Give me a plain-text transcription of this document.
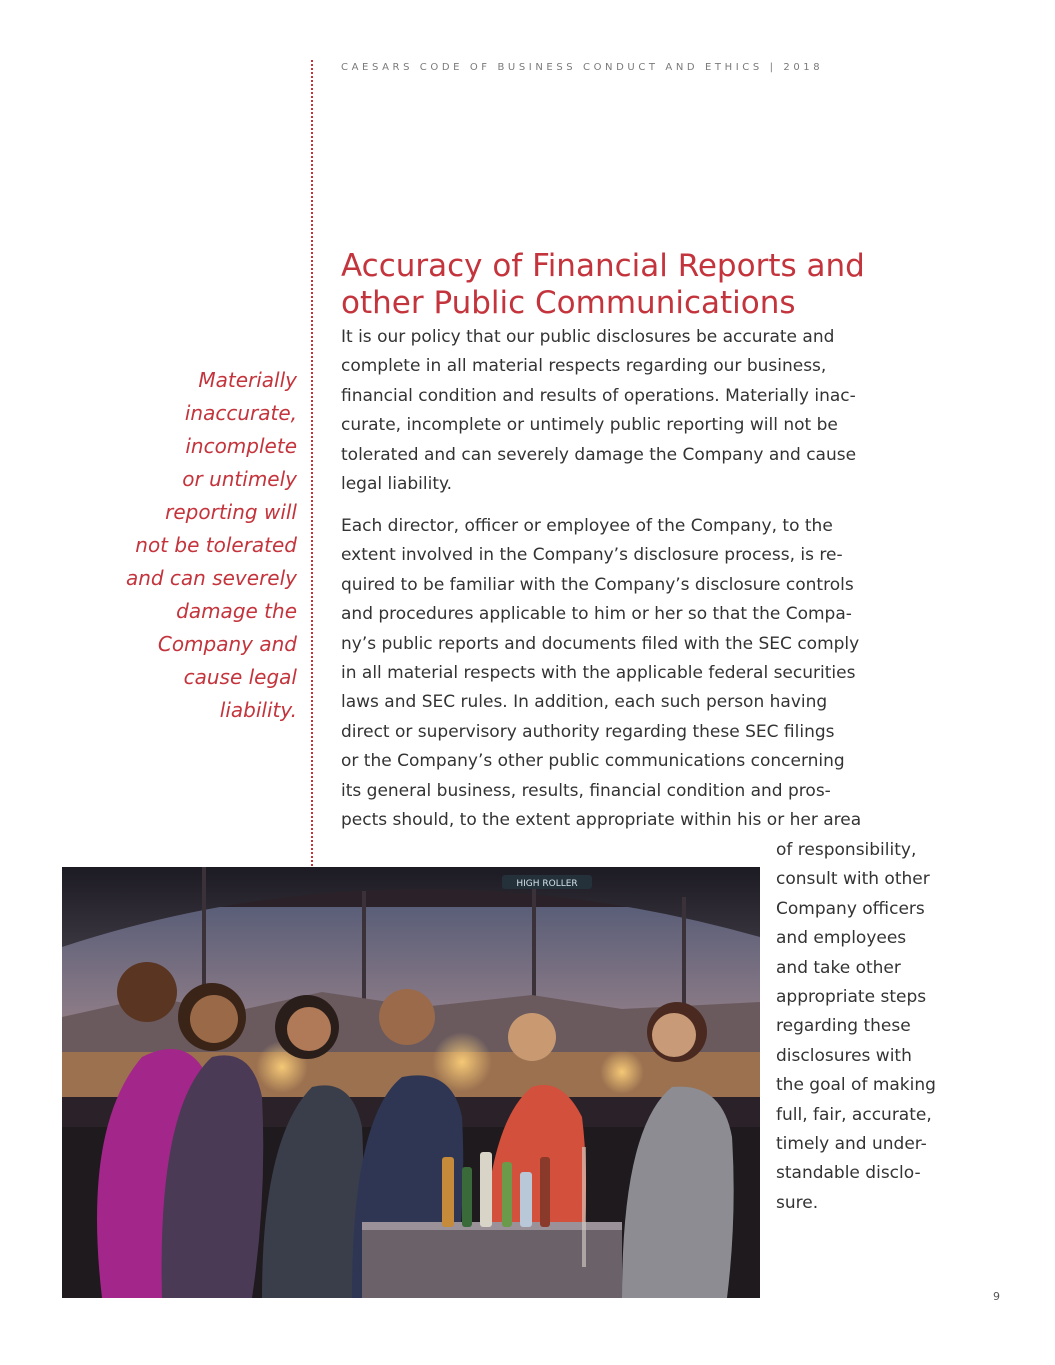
CAESARS CODE OF BUSINESS CONDUCT AND ETHICS | 2018
Accuracy of Financial Reports and
other Public Communications
It is our policy that our public disclosures be accurate and
complete in all material respects regarding our business,
financial condition and results of operations. Materially inac-
curate, incomplete or untimely public reporting will not be
tolerated and can severely damage the Company and cause
legal liability.
Each director, officer or employee of the Company, to the
extent involved in the Company’s disclosure process, is re-
quired to be familiar with the Company’s disclosure controls
and procedures applicable to him or her so that the Compa-
ny’s public reports and documents filed with the SEC comply
in all material respects with the applicable federal securities
laws and SEC rules. In addition, each such person having
direct or supervisory authority regarding these SEC filings
or the Company’s other public communications concerning
its general business, results, financial condition and pros-
pects should, to the extent appropriate within his or her area
of responsibility,
consult with other
Company officers
and employees
and take other
appropriate steps
regarding these
disclosures with
the goal of making
full, fair, accurate,
timely and under-
standable disclo-
sure.
Materially
inaccurate,
incomplete
or untimely
reporting will
not be tolerated
and can severely
damage the
Company and
cause legal
liability.
HIGH ROLLER
9
